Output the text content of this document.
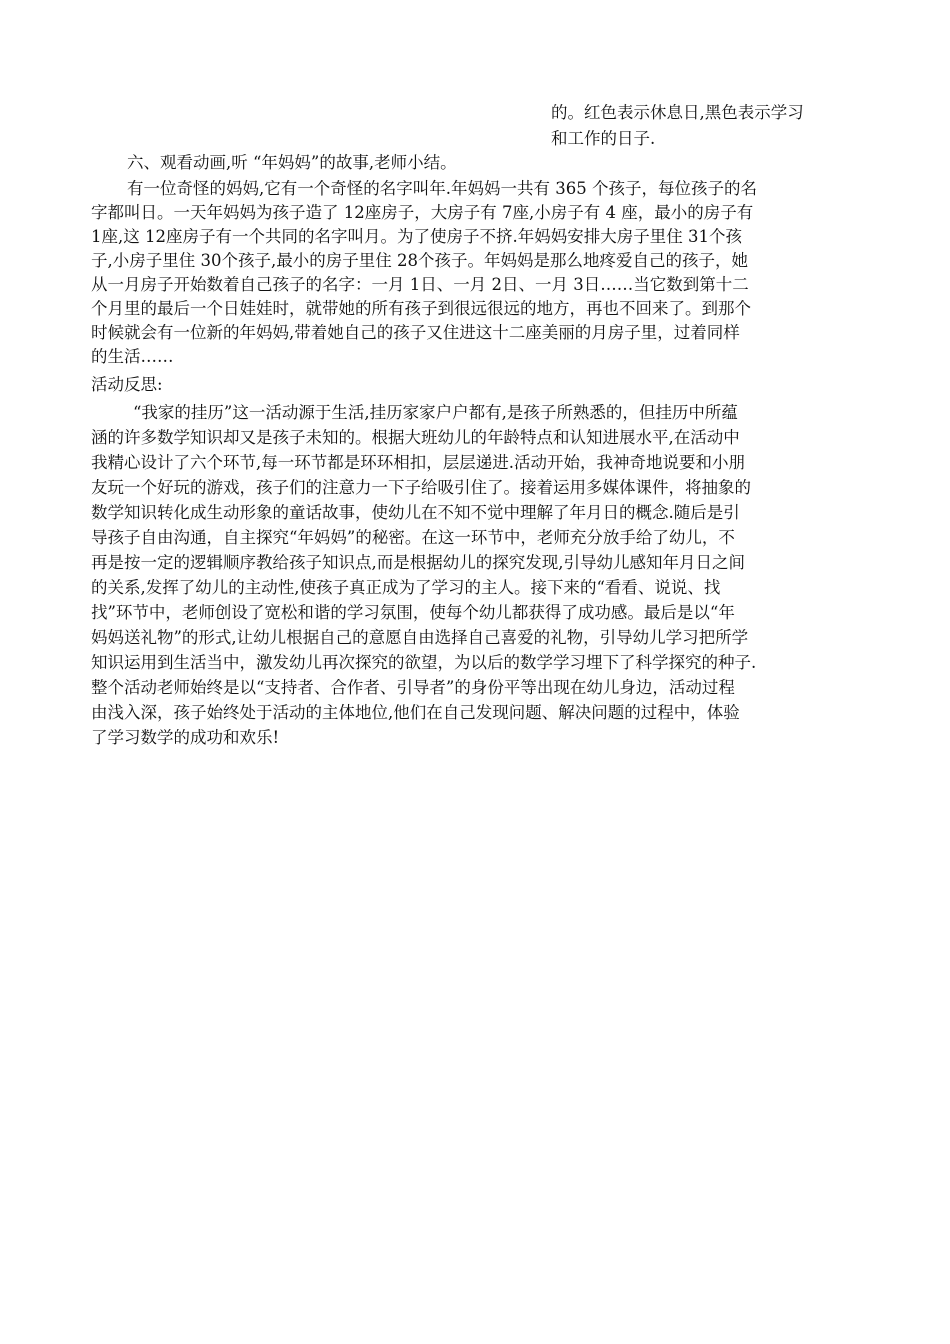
的。红色表示休息日,黑色表示学习
和工作的日子.
六、观看动画,听 “年妈妈”的故事,老师小结。
有一位奇怪的妈妈,它有一个奇怪的名字叫年.年妈妈一共有 365 个孩子，每位孩子的名
字都叫日。一天年妈妈为孩子造了 12座房子，大房子有 7座,小房子有 4 座，最小的房子有
1座,这 12座房子有一个共同的名字叫月。为了使房子不挤.年妈妈安排大房子里住 31个孩
子,小房子里住 30个孩子,最小的房子里住 28个孩子。年妈妈是那么地疼爱自己的孩子，她
从一月房子开始数着自己孩子的名字：一月 1日、一月 2日、一月 3日……当它数到第十二
个月里的最后一个日娃娃时，就带她的所有孩子到很远很远的地方，再也不回来了。到那个
时候就会有一位新的年妈妈,带着她自己的孩子又住进这十二座美丽的月房子里，过着同样
的生活……
活动反思:
“我家的挂历”这一活动源于生活,挂历家家户户都有,是孩子所熟悉的，但挂历中所蕴
涵的许多数学知识却又是孩子未知的。根据大班幼儿的年龄特点和认知进展水平,在活动中
我精心设计了六个环节,每一环节都是环环相扣，层层递进.活动开始，我神奇地说要和小朋
友玩一个好玩的游戏，孩子们的注意力一下子给吸引住了。接着运用多媒体课件，将抽象的
数学知识转化成生动形象的童话故事，使幼儿在不知不觉中理解了年月日的概念.随后是引
导孩子自由沟通，自主探究“年妈妈”的秘密。在这一环节中，老师充分放手给了幼儿，不
再是按一定的逻辑顺序教给孩子知识点,而是根据幼儿的探究发现,引导幼儿感知年月日之间
的关系,发挥了幼儿的主动性,使孩子真正成为了学习的主人。接下来的“看看、说说、找
找”环节中，老师创设了宽松和谐的学习氛围，使每个幼儿都获得了成功感。最后是以“年
妈妈送礼物”的形式,让幼儿根据自己的意愿自由选择自己喜爱的礼物，引导幼儿学习把所学
知识运用到生活当中，激发幼儿再次探究的欲望，为以后的数学学习埋下了科学探究的种子.
整个活动老师始终是以“支持者、合作者、引导者”的身份平等出现在幼儿身边，活动过程
由浅入深，孩子始终处于活动的主体地位,他们在自己发现问题、解决问题的过程中，体验
了学习数学的成功和欢乐!
